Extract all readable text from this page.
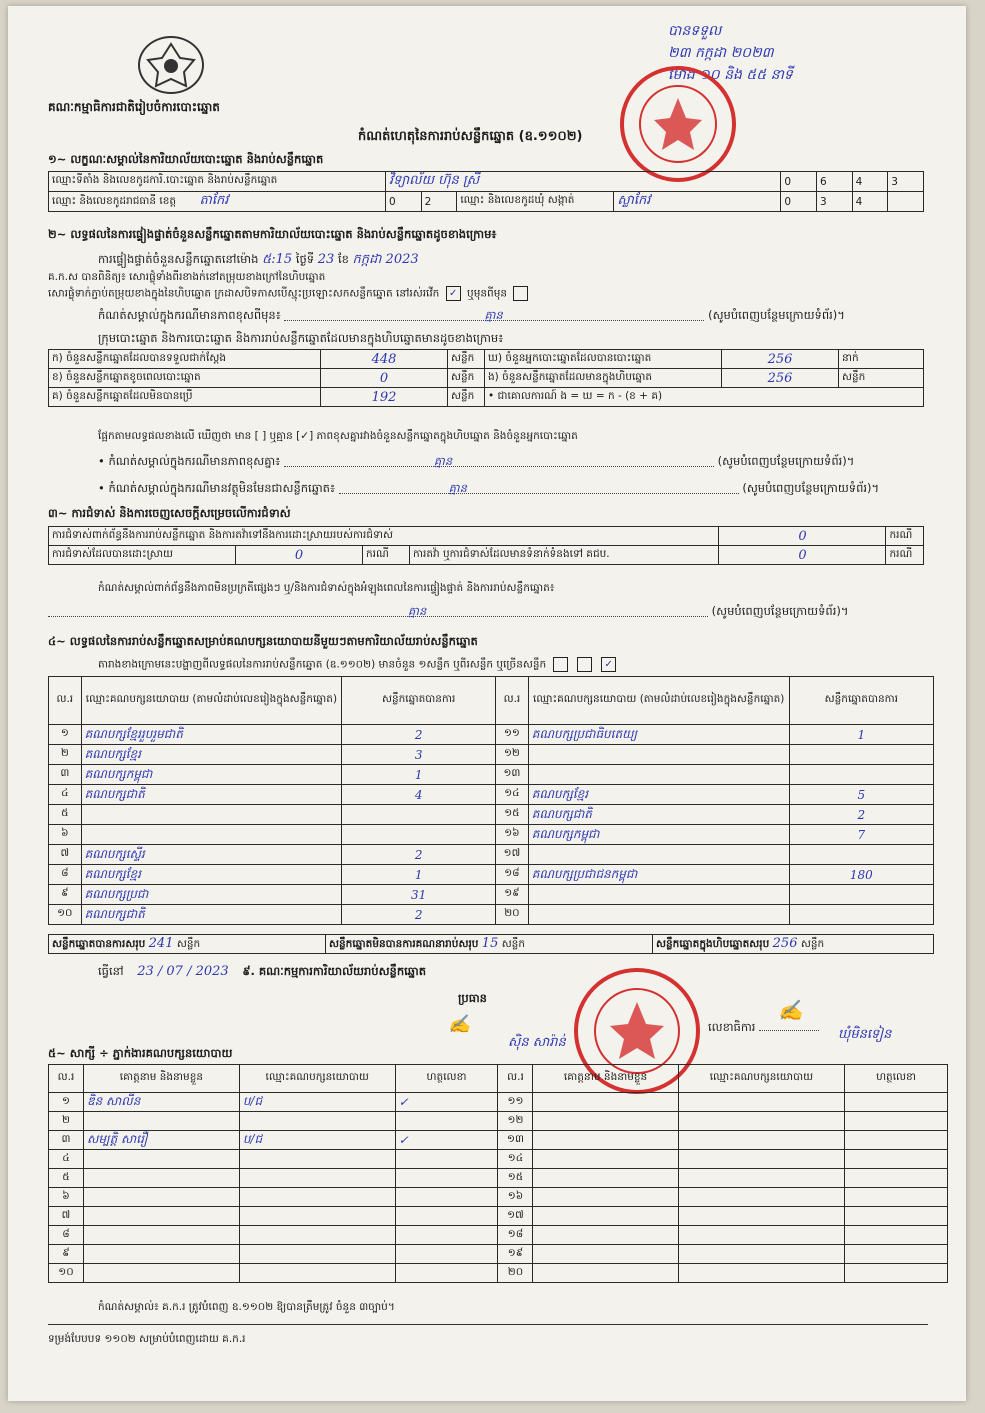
គណៈកម្មាធិការជាតិរៀបចំការបោះឆ្នោត
បានទទួល
២៣ កក្កដា ២០២៣
ម៉ោង ១០ និង ៥៥ នាទី
កំណត់ហេតុនៃការរាប់សន្លឹកឆ្នោត (ឧ.១១០២)
១~ លក្ខណៈសម្គាល់នៃការិយាល័យបោះឆ្នោត និងរាប់សន្លឹកឆ្នោត
ឈ្មោះទីតាំង និងលេខកូដការិ.បោះឆ្នោត និងរាប់សន្លឹកឆ្នោត	វិទ្យាល័យ ហ៊ុន ស្រី				0	6	4	3
ឈ្មោះ និងលេខកូដរាជធានី ខេត្ត តាកែវ	0	2	ឈ្មោះ និងលេខកូដឃុំ សង្កាត់	ស្លាកែវ	0	3	4	
២~ លទ្ធផលនៃការផ្ទៀងផ្ទាត់ចំនួនសន្លឹកឆ្នោតតាមការិយាល័យបោះឆ្នោត និងរាប់សន្លឹកឆ្នោតដូចខាងក្រោម៖
ការផ្ទៀងផ្ទាត់ចំនួនសន្លឹកឆ្នោតនៅម៉ោង ៥:15 ថ្ងៃទី 23 ខែ កក្កដា 2023
គ.ក.ស បានពិនិត្យ៖ សោរផ្លុំទាំងពីរខាងក់នៅតម្រុយខាងក្រៅនៃហិបឆ្នោត
សោរផ្លុំទាក់ភ្ជាប់តម្រុយខាងក្នុងនៃហិបឆ្នោត ក្រដាសបិទភាសបើស្មុះប្រឡោះសកសន្លឹកឆ្នោត នៅរស់រវើក ✓ ឬមុនពីមុន
កំណត់សម្គាល់ក្នុងករណីមានភាពខុសពីមុន៖	គ្មាន	(សូមបំពេញបន្ថែមក្រោយទំព័រ)។
ក្រុមបោះឆ្នោត និងការបោះឆ្នោត និងការរាប់សន្លឹកឆ្នោតដែលមានក្នុងហិបឆ្នោតមានដូចខាងក្រោម៖
ក) ចំនួនសន្លឹកឆ្នោតដែលបានទទួលជាក់ស្តែង	448	សន្លឹក	ឃ) ចំនួនអ្នកបោះឆ្នោតដែលបានបោះឆ្នោត	256	នាក់
ខ) ចំនួនសន្លឹកឆ្នោតខូចពេលបោះឆ្នោត	0	សន្លឹក	ង) ចំនួនសន្លឹកឆ្នោតដែលមានក្នុងហិបឆ្នោត	256	សន្លឹក
គ) ចំនួនសន្លឹកឆ្នោតដែលមិនបានប្រើ	192	សន្លឹក	• ជាគោលការណ៍ ង = ឃ = ក - (ខ + គ)		
ផ្អែកតាមលទ្ធផលខាងលើ ឃើញថា មាន [ ] ឬគ្មាន [✓] ភាពខុសគ្នារវាងចំនួនសន្លឹកឆ្នោតក្នុងហិបឆ្នោត និងចំនួនអ្នកបោះឆ្នោត
• កំណត់សម្គាល់ក្នុងករណីមានភាពខុសគ្នា៖	គ្មាន	(សូមបំពេញបន្ថែមក្រោយទំព័រ)។
• កំណត់សម្គាល់ក្នុងករណីមានវត្ថុមិនមែនជាសន្លឹកឆ្នោត៖	គ្មាន	(សូមបំពេញបន្ថែមក្រោយទំព័រ)។
៣~ ការជំទាស់ និងការចេញសេចក្តីសម្រេចលើការជំទាស់
ការជំទាស់ពាក់ព័ន្ធនឹងការរាប់សន្លឹកឆ្នោត និងការតវ៉ាទៅនឹងការដោះស្រាយរបស់ការជំទាស់				0	ករណី
ការជំទាស់ដែលបានដោះស្រាយ	0	ករណី	ការតវ៉ា ឬការជំទាស់ដែលមានទំនាក់ទំនងទៅ គជប.	0	ករណី
កំណត់សម្គាល់ពាក់ព័ន្ធនឹងភាពមិនប្រក្រតីផ្សេងៗ ឬ/និងការជំទាស់ក្នុងអំឡុងពេលនៃការផ្ទៀងផ្ទាត់ និងការរាប់សន្លឹកឆ្នោត៖
គ្មាន	(សូមបំពេញបន្ថែមក្រោយទំព័រ)។
៤~ លទ្ធផលនៃការរាប់សន្លឹកឆ្នោតសម្រាប់គណបក្សនយោបាយនីមួយៗតាមការិយាល័យរាប់សន្លឹកឆ្នោត
តារាងខាងក្រោមនេះបង្ហាញពីលទ្ធផលនៃការរាប់សន្លឹកឆ្នោត (ឧ.១១០២) មានចំនួន ១សន្លឹក ឬពីរសន្លឹក ឬច្រើនសន្លឹក	✓
ល.រ	ឈ្មោះគណបក្សនយោបាយ (តាមលំដាប់លេខរៀងក្នុងសន្លឹកឆ្នោត)	សន្លឹកឆ្នោតបានការ	ល.រ	ឈ្មោះគណបក្សនយោបាយ (តាមលំដាប់លេខរៀងក្នុងសន្លឹកឆ្នោត)	សន្លឹកឆ្នោតបានការ
១	គណបក្សខ្មែររួបរួមជាតិ	2	១១	គណបក្សប្រជាធិបតេយ្យ	1
២	គណបក្សខ្មែរ	3	១២		
៣	គណបក្សកម្ពុជា	1	១៣		
៤	គណបក្សជាតិ	4	១៤	គណបក្សខ្មែរ	5
៥			១៥	គណបក្សជាតិ	2
៦			១៦	គណបក្សកម្ពុជា	7
៧	គណបក្សស្ទើរ	2	១៧		
៨	គណបក្សខ្មែរ	1	១៨	គណបក្សប្រជាជនកម្ពុជា	180
៩	គណបក្សប្រជា	31	១៩		
១០	គណបក្សជាតិ	2	២០		
សន្លឹកឆ្នោតបានការសរុប 241 សន្លឹក	សន្លឹកឆ្នោតមិនបានការគណនារាប់សរុប 15 សន្លឹក	សន្លឹកឆ្នោតក្នុងហិបឆ្នោតសរុប 256 សន្លឹក
ធ្វើនៅ 23 / 07 / 2023 ៩. គណៈកម្មការការិយាល័យរាប់សន្លឹកឆ្នោត
ប្រធាន
✍
ស៊ិន សារ៉ាន់
លេខាធិការ
✍
ឃុំមិនទៀន
៥~ សាក្សី ÷ ភ្នាក់ងារគណបក្សនយោបាយ
ល.រ	គោត្តនាម និងនាមខ្លួន	ឈ្មោះគណបក្សនយោបាយ	ហត្ថលេខា	ល.រ	គោត្តនាម និងនាមខ្លួន	ឈ្មោះគណបក្សនយោបាយ	ហត្ថលេខា
១	ឌិន សាលីន	ប/ជ	✓	១១			
២				១២			
៣	សម្បត្តិ សារឿ	ប/ជ	✓	១៣			
៤				១៤			
៥				១៥			
៦				១៦			
៧				១៧			
៨				១៨			
៩				១៩			
១០				២០			
កំណត់សម្គាល់៖ គ.ក.រ ត្រូវបំពេញ ឧ.១១០២ ឱ្យបានត្រឹមត្រូវ ចំនួន ៣ច្បាប់។
ទម្រង់បែបបទ ១១០២ សម្រាប់បំពេញដោយ គ.ក.រ
